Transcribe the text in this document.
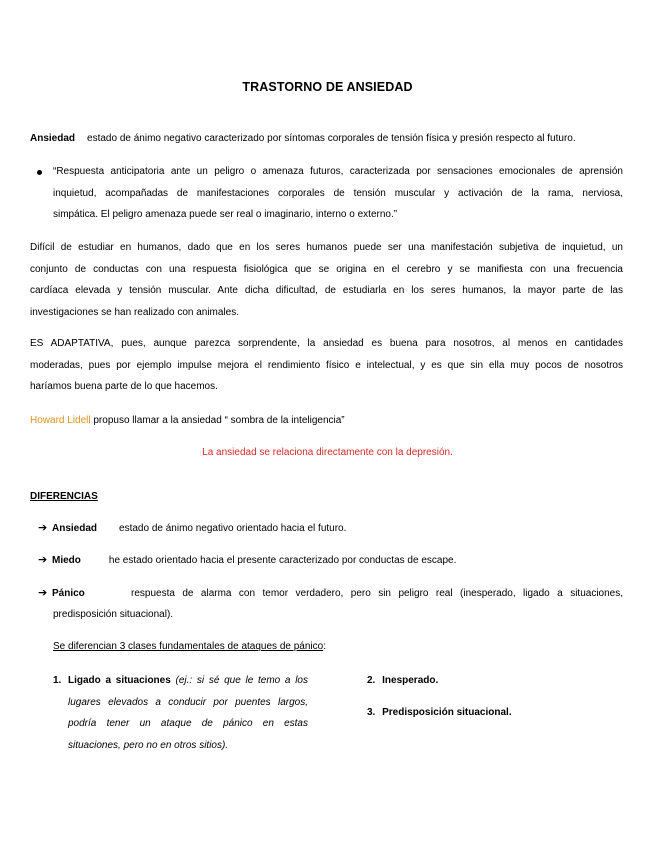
TRASTORNO DE ANSIEDAD
Ansiedad estado de ánimo negativo caracterizado por síntomas corporales de tensión física y presión respecto al futuro.
“Respuesta anticipatoria ante un peligro o amenaza futuros, caracterizada por sensaciones emocionales de aprensión
inquietud, acompañadas de manifestaciones corporales de tensión muscular y activación de la rama, nerviosa,
simpática. El peligro amenaza puede ser real o imaginario, interno o externo.”
Difícil de estudiar en humanos, dado que en los seres humanos puede ser una manifestación subjetiva de inquietud, un
conjunto de conductas con una respuesta fisiológica que se origina en el cerebro y se manifiesta con una frecuencia
cardíaca elevada y tensión muscular. Ante dicha dificultad, de estudiarla en los seres humanos, la mayor parte de las
investigaciones se han realizado con animales.
ES ADAPTATIVA, pues, aunque parezca sorprendente, la ansiedad es buena para nosotros, al menos en cantidades
moderadas, pues por ejemplo impulse mejora el rendimiento físico e intelectual, y es que sin ella muy pocos de nosotros
haríamos buena parte de lo que hacemos.
Howard Lidell propuso llamar a la ansiedad “ sombra de la inteligencia”
La ansiedad se relaciona directamente con la depresión.
DIFERENCIAS
➔ Ansiedad estado de ánimo negativo orientado hacia el futuro.
➔ Miedo	he estado orientado hacia el presente caracterizado por conductas de escape.
➔ Pánico	respuesta de alarma con temor verdadero, pero sin peligro real (inesperado, ligado a situaciones,
predisposición situacional).
Se diferencian 3 clases fundamentales de ataques de pánico:
1. Ligado a situaciones (ej.: si sé que le temo a los
lugares elevados a conducir por puentes largos,
podría tener un ataque de pánico en estas
situaciones, pero no en otros sitios).
2. Inesperado.
3. Predisposición situacional.
